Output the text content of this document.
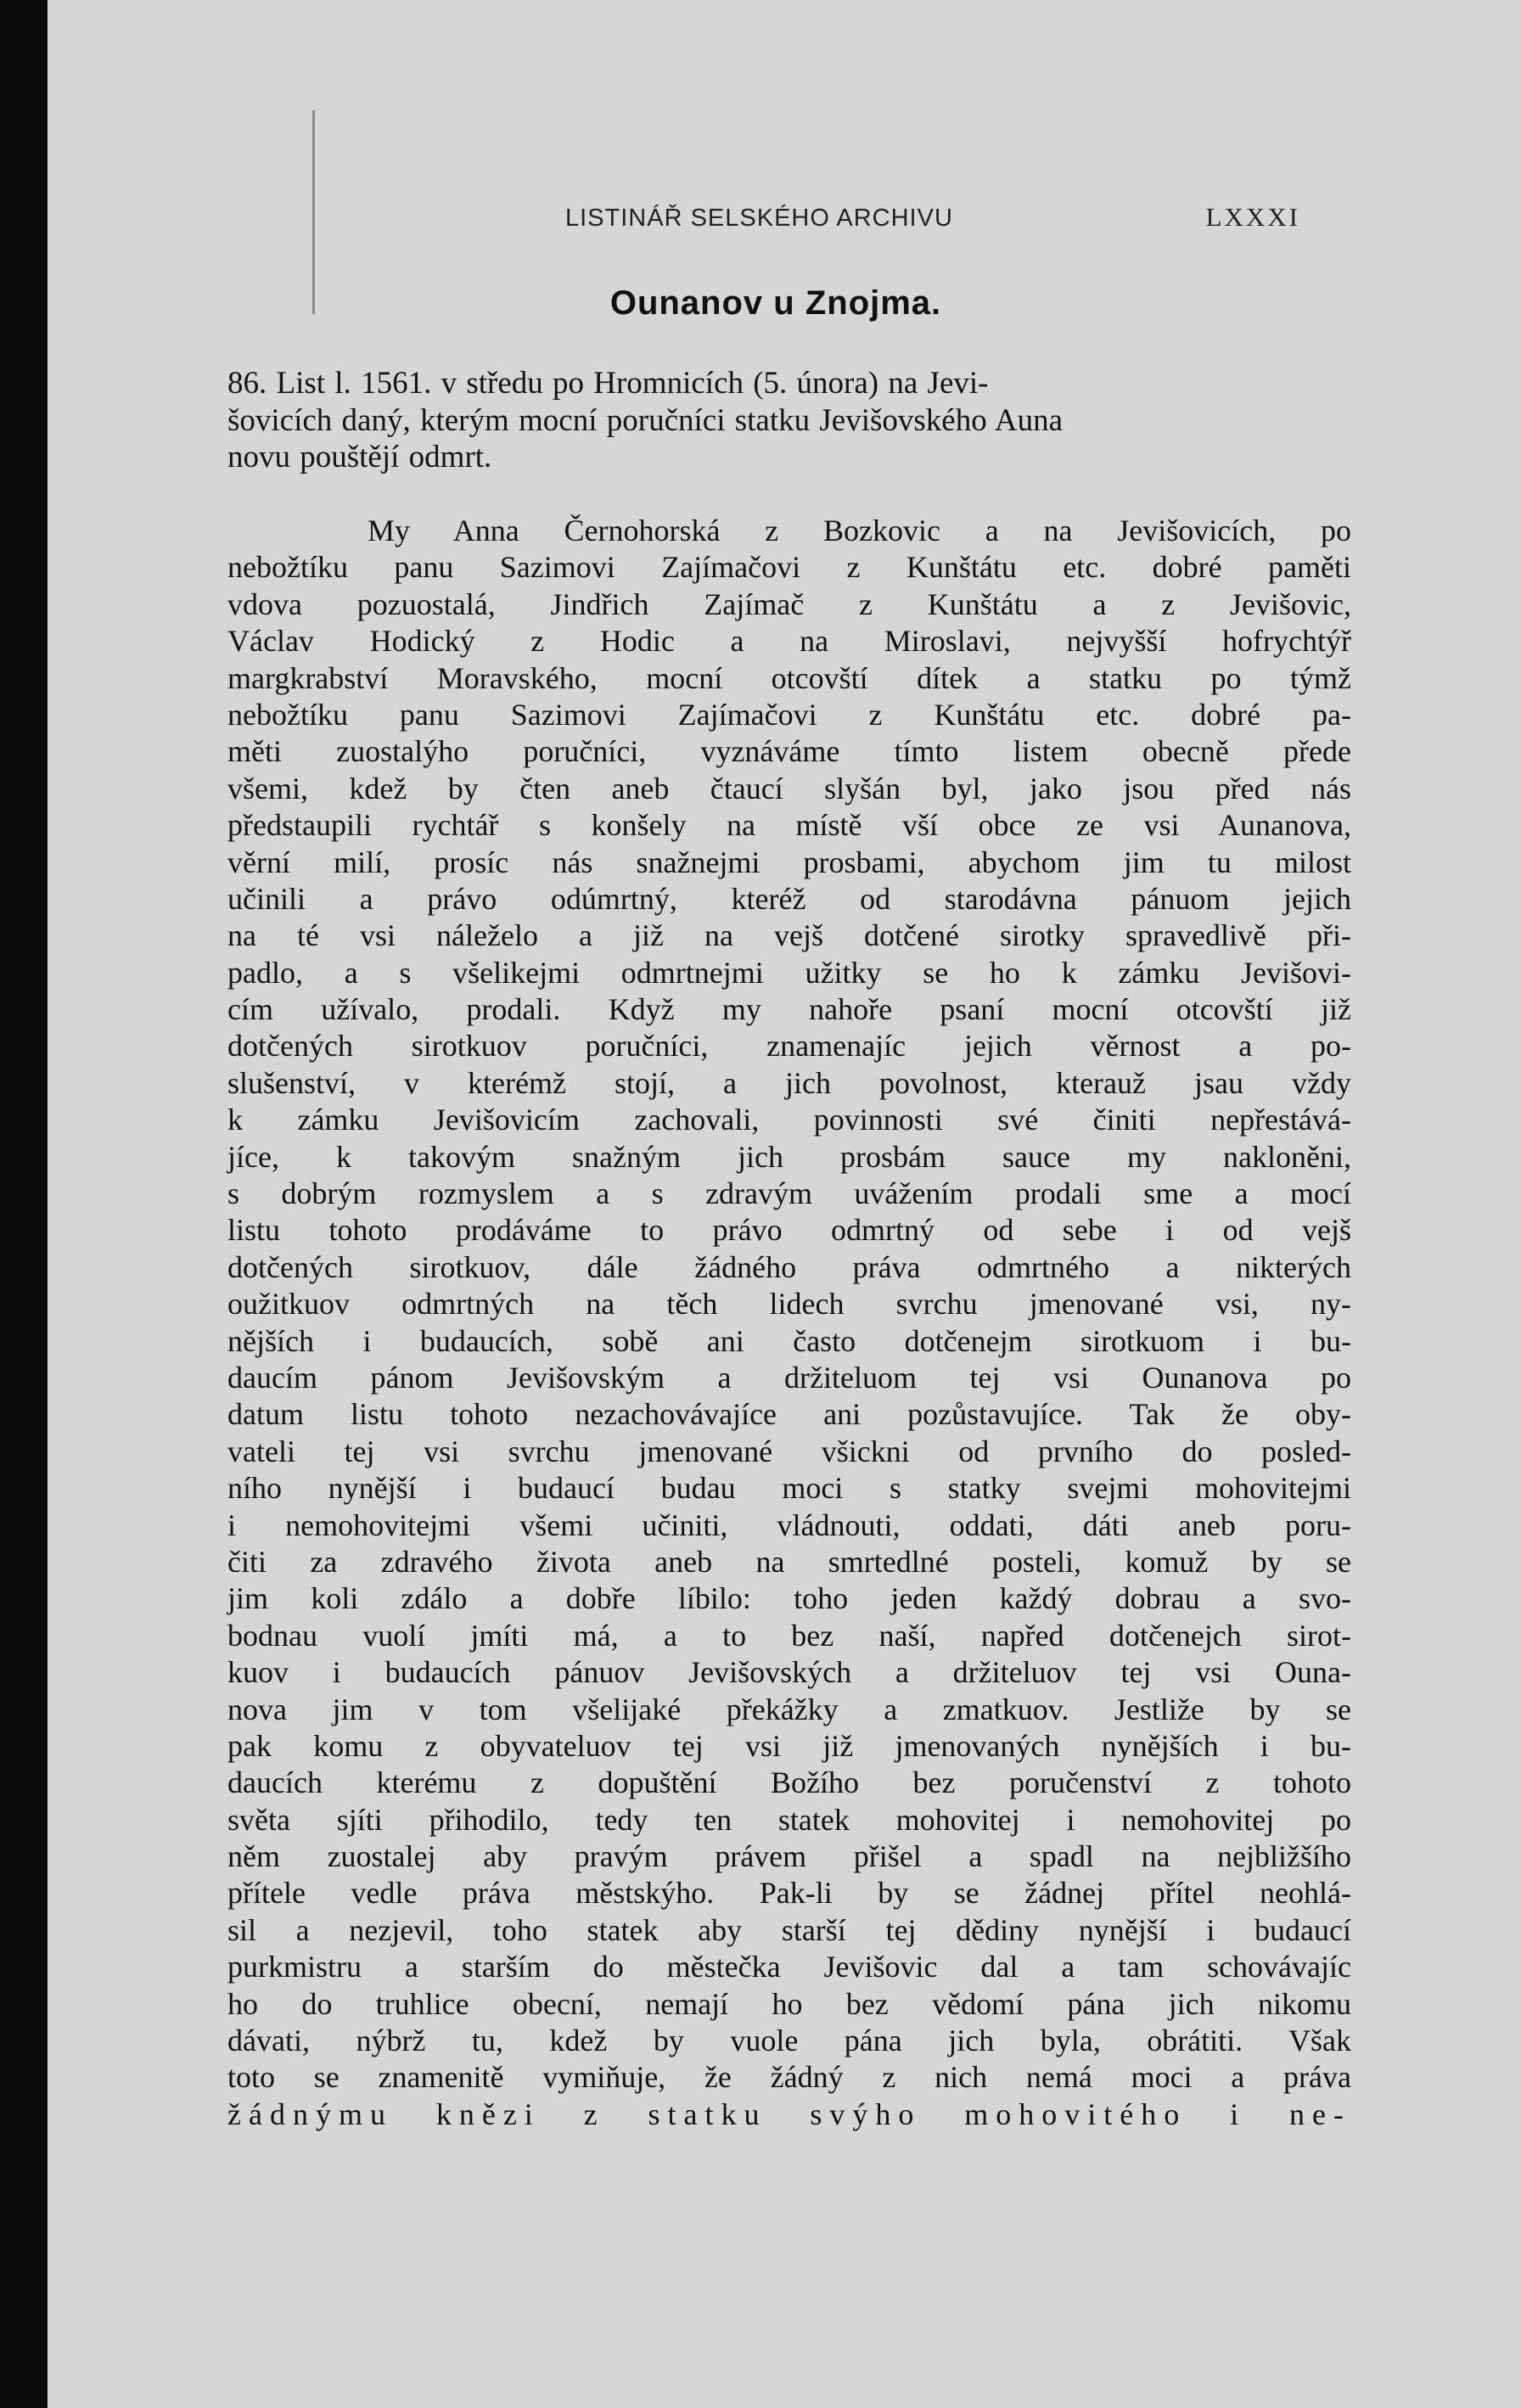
LISTINÁŘ SELSKÉHO ARCHIVU	LXXXI
Ounanov u Znojma.
86. List l. 1561. v středu po Hromnicích (5. února) na Jevi-
šovicích daný, kterým mocní poručníci statku Jevišovského Auna
novu pouštějí odmrt.
My Anna Černohorská z Bozkovic a na Jevišovicích, po
nebožtíku panu Sazimovi Zajímačovi z Kunštátu etc. dobré paměti
vdova pozuostalá, Jindřich Zajímač z Kunštátu a z Jevišovic,
Václav Hodický z Hodic a na Miroslavi, nejvyšší hofrychtýř
margkrabství Moravského, mocní otcovští dítek a statku po týmž
nebožtíku panu Sazimovi Zajímačovi z Kunštátu etc. dobré pa-
měti zuostalýho poručníci, vyznáváme tímto listem obecně přede
všemi, kdež by čten aneb čtaucí slyšán byl, jako jsou před nás
předstaupili rychtář s konšely na místě vší obce ze vsi Aunanova,
věrní milí, prosíc nás snažnejmi prosbami, abychom jim tu milost
učinili a právo odúmrtný, kteréž od starodávna pánuom jejich
na té vsi náleželo a již na vejš dotčené sirotky spravedlivě při-
padlo, a s všelikejmi odmrtnejmi užitky se ho k zámku Jevišovi-
cím užívalo, prodali. Když my nahoře psaní mocní otcovští již
dotčených sirotkuov poručníci, znamenajíc jejich věrnost a po-
slušenství, v kterémž stojí, a jich povolnost, kterauž jsau vždy
k zámku Jevišovicím zachovali, povinnosti své činiti nepřestává-
jíce, k takovým snažným jich prosbám sauce my nakloněni,
s dobrým rozmyslem a s zdravým uvážením prodali sme a mocí
listu tohoto prodáváme to právo odmrtný od sebe i od vejš
dotčených sirotkuov, dále žádného práva odmrtného a nikterých
oužitkuov odmrtných na těch lidech svrchu jmenované vsi, ny-
nějších i budaucích, sobě ani často dotčenejm sirotkuom i bu-
daucím pánom Jevišovským a držiteluom tej vsi Ounanova po
datum listu tohoto nezachovávajíce ani pozůstavujíce. Tak že oby-
vateli tej vsi svrchu jmenované všickni od prvního do posled-
ního nynější i budaucí budau moci s statky svejmi mohovitejmi
i nemohovitejmi všemi učiniti, vládnouti, oddati, dáti aneb poru-
čiti za zdravého života aneb na smrtedlné posteli, komuž by se
jim koli zdálo a dobře líbilo: toho jeden každý dobrau a svo-
bodnau vuolí jmíti má, a to bez naší, napřed dotčenejch sirot-
kuov i budaucích pánuov Jevišovských a držiteluov tej vsi Ouna-
nova jim v tom všelijaké překážky a zmatkuov. Jestliže by se
pak komu z obyvateluov tej vsi již jmenovaných nynějších i bu-
daucích kterému z dopuštění Božího bez poručenství z tohoto
světa sjíti přihodilo, tedy ten statek mohovitej i nemohovitej po
něm zuostalej aby pravým právem přišel a spadl na nejbližšího
přítele vedle práva městskýho. Pak-li by se žádnej přítel neohlá-
sil a nezjevil, toho statek aby starší tej dědiny nynější i budaucí
purkmistru a starším do městečka Jevišovic dal a tam schovávajíc
ho do truhlice obecní, nemají ho bez vědomí pána jich nikomu
dávati, nýbrž tu, kdež by vuole pána jich byla, obrátiti. Však
toto se znamenitě vymiňuje, že žádný z nich nemá moci a práva
žádnýmu knězi z statku svýho mohovitého i ne-
